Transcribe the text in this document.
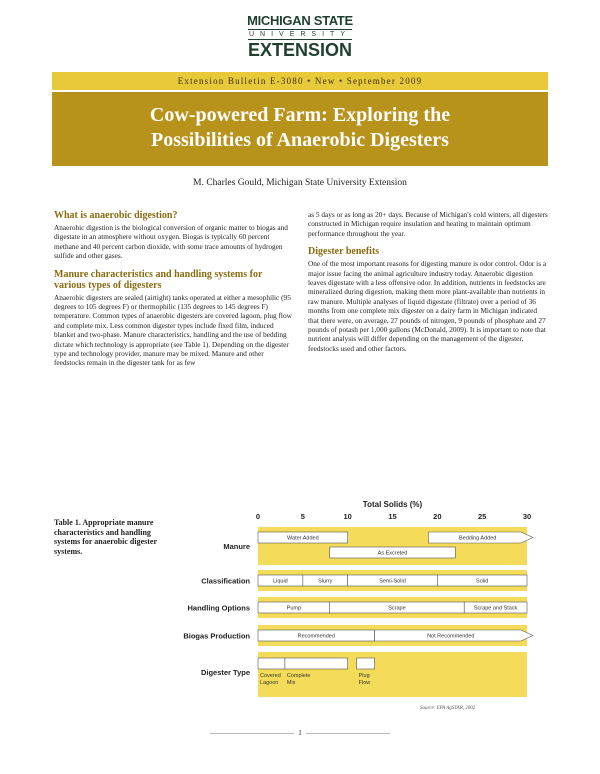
MICHIGAN STATE
UNIVERSITY
EXTENSION
Extension Bulletin E-3080 • New • September 2009
Cow-powered Farm: Exploring the
Possibilities of Anaerobic Digesters
M. Charles Gould, Michigan State University Extension
What is anaerobic digestion?

Anaerobic digestion is the biological conversion of organic matter to biogas and digestate in an atmosphere without oxygen. Biogas is typically 60 percent methane and 40 percent carbon dioxide, with some trace amounts of hydrogen sulfide and other gases.

Manure characteristics and handling systems for various types of digesters

Anaerobic digesters are sealed (airtight) tanks operated at either a mesophilic (95 degrees to 105 degrees F) or thermophilic (135 degrees to 145 degrees F) temperature. Common types of anaerobic digesters are covered lagoon, plug flow and complete mix. Less common digester types include fixed film, induced blanket and two-phase. Manure characteristics, handling and the use of bedding dictate which technology is appropriate (see Table 1). Depending on the digester type and technology provider, manure may be mixed. Manure and other feedstocks remain in the digester tank for as few

as 5 days or as long as 20+ days. Because of Michigan's cold winters, all digesters constructed in Michigan require insulation and heating to maintain optimum performance throughout the year.

Digester benefits

One of the most important reasons for digesting manure is odor control. Odor is a major issue facing the animal agriculture industry today. Anaerobic digestion leaves digestate with a less offensive odor. In addition, nutrients in feedstocks are mineralized during digestion, making them more plant-available than nutrients in raw manure. Multiple analyses of liquid digestate (filtrate) over a period of 36 months from one complete mix digester on a dairy farm in Michigan indicated that there were, on average, 27 pounds of nitrogen, 9 pounds of phosphate and 27 pounds of potash per 1,000 gallons (McDonald, 2009). It is important to note that nutrient analysis will differ depending on the management of the digester, feedstocks used and other factors.

Table 1. Appropriate manure characteristics and handling systems for anaerobic digester systems.
Total Solids (%)
0	5	10	15	20	25	30
Manure
Water Added	Bedding Added
As Excreted
Classification	Liquid	Slurry	Semi-Solid	Solid
Handling Options	Pump	Scrape	Scrape and Stack
Biogas Production	Recommended	Not Recommended
Digester Type Covered
Lagoon
Complete
Mix
Plug
Flow
Source: EPA AgSTAR, 2002
1
